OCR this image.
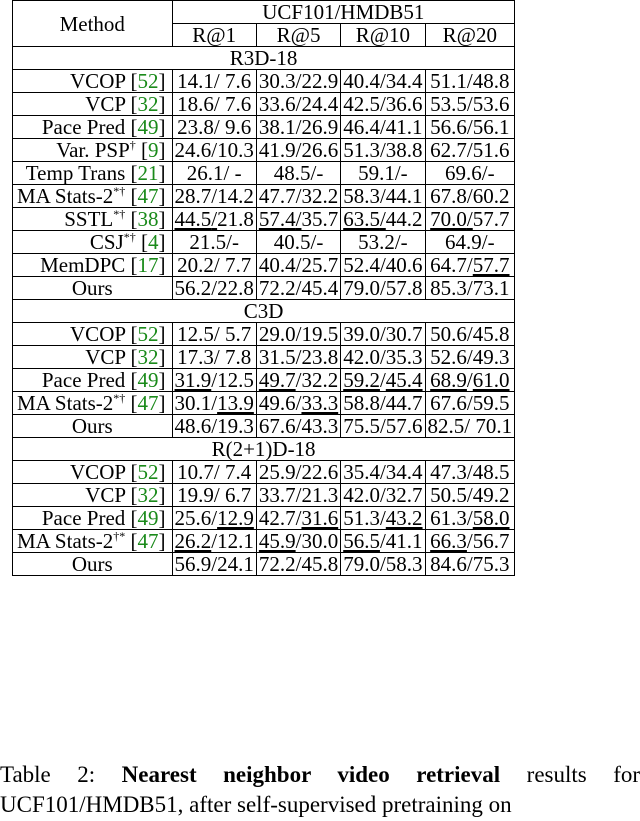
Method	UCF101/HMDB51			
	R@1	R@5	R@10	R@20
R3D-18				
VCOP [52]	14.1/ 7.6	30.3/22.9	40.4/34.4	51.1/48.8
VCP [32]	18.6/ 7.6	33.6/24.4	42.5/36.6	53.5/53.6
Pace Pred [49]	23.8/ 9.6	38.1/26.9	46.4/41.1	56.6/56.1
Var. PSP† [9]	24.6/10.3	41.9/26.6	51.3/38.8	62.7/51.6
Temp Trans [21]	26.1/ -	48.5/-	59.1/-	69.6/-
MA Stats-2*† [47]	28.7/14.2	47.7/32.2	58.3/44.1	67.8/60.2
SSTL*† [38]	44.5/21.8	57.4/35.7	63.5/44.2	70.0/57.7
CSJ*† [4]	21.5/-	40.5/-	53.2/-	64.9/-
MemDPC [17]	20.2/ 7.7	40.4/25.7	52.4/40.6	64.7/57.7
Ours	56.2/22.8	72.2/45.4	79.0/57.8	85.3/73.1
C3D				
VCOP [52]	12.5/ 5.7	29.0/19.5	39.0/30.7	50.6/45.8
VCP [32]	17.3/ 7.8	31.5/23.8	42.0/35.3	52.6/49.3
Pace Pred [49]	31.9/12.5	49.7/32.2	59.2/45.4	68.9/61.0
MA Stats-2*† [47]	30.1/13.9	49.6/33.3	58.8/44.7	67.6/59.5
Ours	48.6/19.3	67.6/43.3	75.5/57.6	82.5/ 70.1
R(2+1)D-18				
VCOP [52]	10.7/ 7.4	25.9/22.6	35.4/34.4	47.3/48.5
VCP [32]	19.9/ 6.7	33.7/21.3	42.0/32.7	50.5/49.2
Pace Pred [49]	25.6/12.9	42.7/31.6	51.3/43.2	61.3/58.0
MA Stats-2†* [47]	26.2/12.1	45.9/30.0	56.5/41.1	66.3/56.7
Ours	56.9/24.1	72.2/45.8	79.0/58.3	84.6/75.3
Table 2: Nearest neighbor video retrieval results for UCF101/HMDB51, after self-supervised pretraining on
